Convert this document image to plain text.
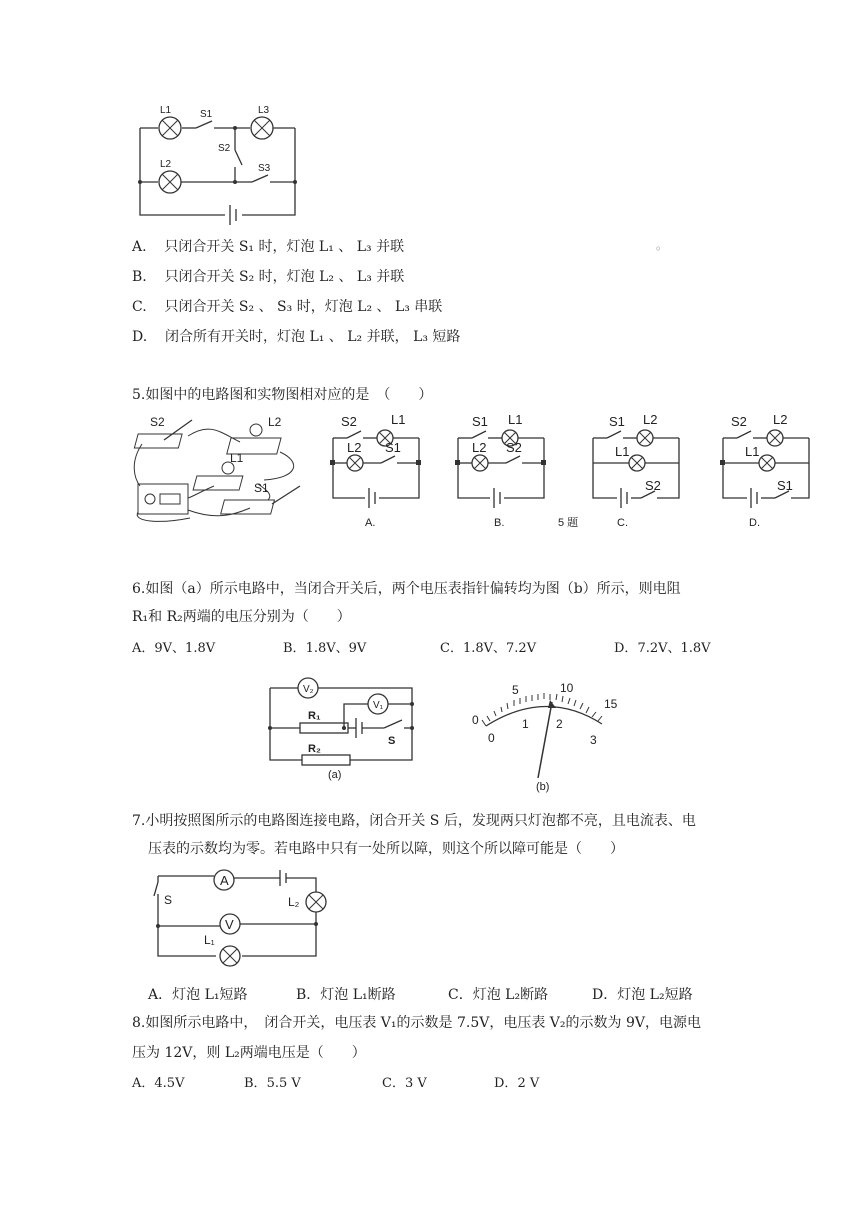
L1	S1	L3
S2
L2	S3
A. 只闭合开关 S₁ 时，灯泡 L₁ 、 L₃ 并联	。
B. 只闭合开关 S₂ 时，灯泡 L₂ 、 L₃ 并联
C. 只闭合开关 S₂ 、 S₃ 时，灯泡 L₂ 、 L₃ 串联
D. 闭合所有开关时，灯泡 L₁ 、 L₂ 并联， L₃ 短路
5.如图中的电路图和实物图相对应的是　（　　）
S2	L2
L1
S1
S2	L1
L2 S1
A.
S1 L1
L2 S2
B.	5 题
S1 L2
L1
S2
C.
S2 L2
L1
S1
D.
6.如图（a）所示电路中，当闭合开关后，两个电压表指针偏转均为图（b）所示，则电阻
R₁和 R₂两端的电压分别为（　　）
A．9V、1.8V	B．1.8V、9V	C．1.8V、7.2V	D．7.2V、1.8V
V₂
V₁
R₁
R₂
S
(a)
0
5	10
15
0
1 2
3
(b)
7.小明按照图所示的电路图连接电路，闭合开关 S 后，发现两只灯泡都不亮，且电流表、电
压表的示数均为零。若电路中只有一处所以障，则这个所以障可能是（　　）
A
V
S	L₂
L₁
A．灯泡 L₁短路	B．灯泡 L₁断路	C．灯泡 L₂断路	D．灯泡 L₂短路
8.如图所示电路中，　闭合开关，电压表 V₁的示数是 7.5V，电压表 V₂的示数为 9V，电源电
压为 12V，则 L₂两端电压是（　　）
A．4.5V	B．5.5 V	C．3 V	D．2 V
